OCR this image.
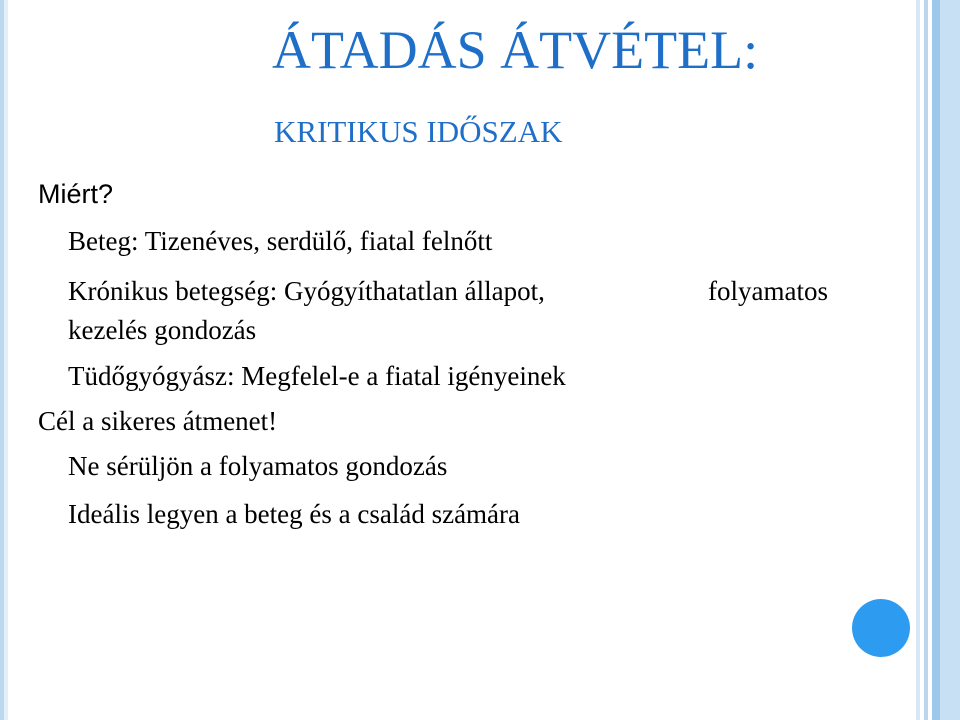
ÁTADÁS ÁTVÉTEL:
KRITIKUS IDŐSZAK
Miért?
Beteg: Tizenéves, serdülő, fiatal felnőtt
Krónikus betegség: Gyógyíthatatlan állapot,	folyamatos
kezelés gondozás
Tüdőgyógyász: Megfelel-e a fiatal igényeinek
Cél a sikeres átmenet!
Ne sérüljön a folyamatos gondozás
Ideális legyen a beteg és a család számára
